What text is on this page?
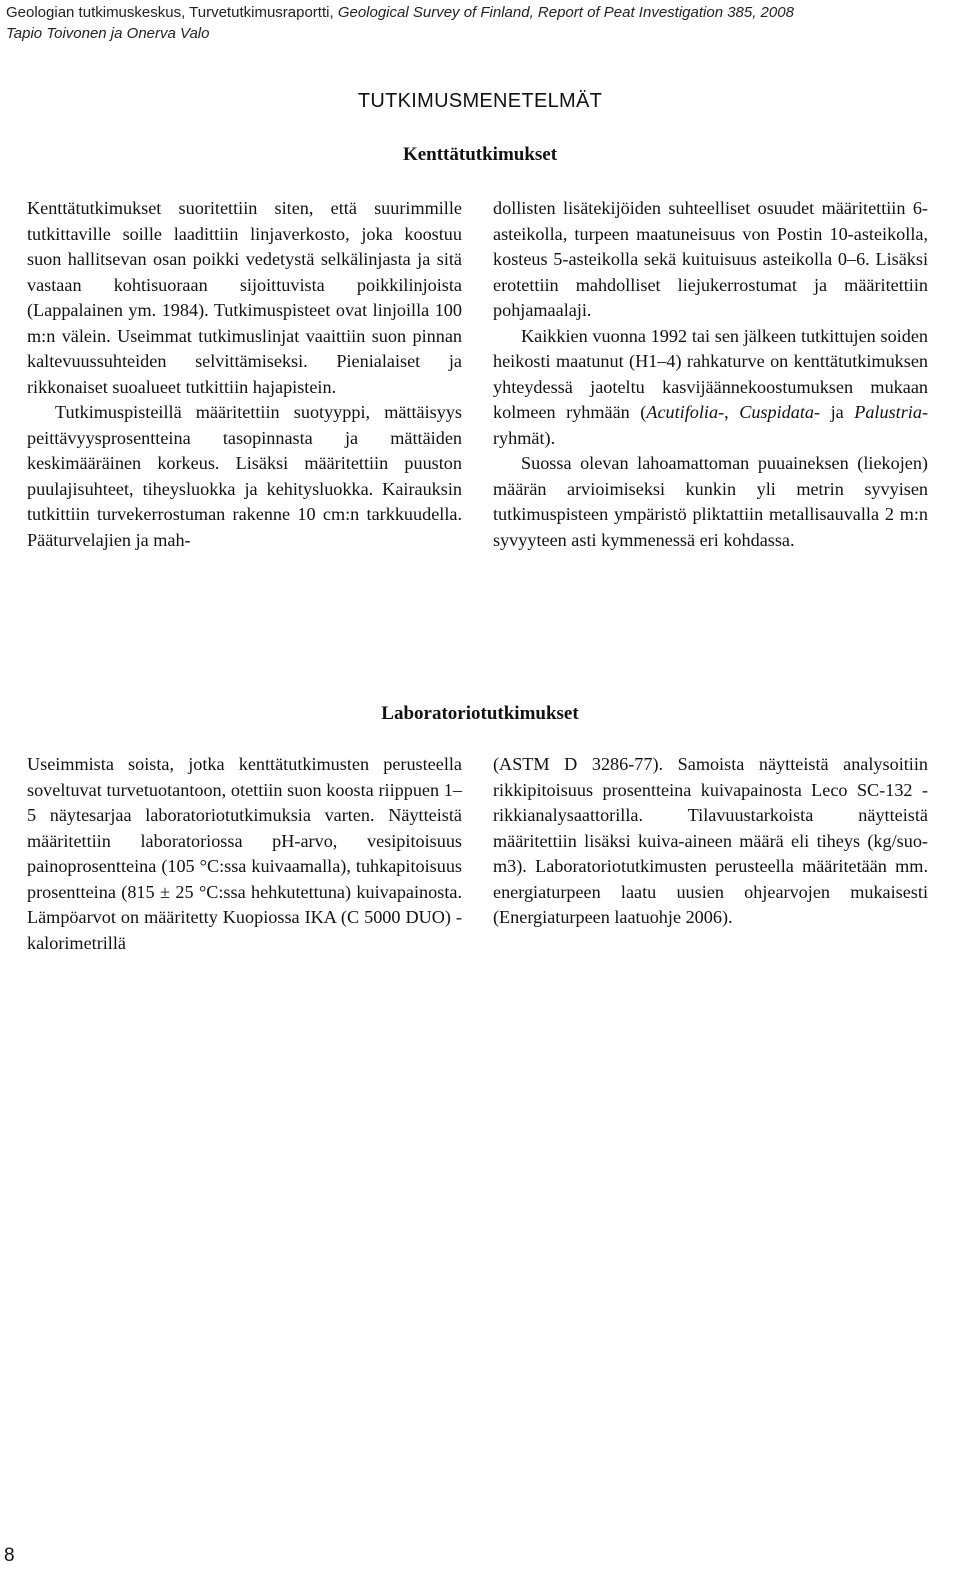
Geologian tutkimuskeskus, Turvetutkimusraportti, Geological Survey of Finland, Report of Peat Investigation 385, 2008
Tapio Toivonen ja Onerva Valo
TUTKIMUSMENETELMÄT
Kenttätutkimukset

Kenttätutkimukset suoritettiin siten, että suurimmille tutkittaville soille laadittiin linjaverkosto, joka koostuu suon hallitsevan osan poikki vedetystä selkälinjasta ja sitä vastaan kohtisuoraan sijoittuvista poikkilinjoista (Lappalainen ym. 1984). Tutkimuspisteet ovat linjoilla 100 m:n välein. Useimmat tutkimuslinjat vaaittiin suon pinnan kaltevuussuhteiden selvittämiseksi. Pienialaiset ja rikkonaiset suoalueet tutkittiin hajapistein.

Tutkimuspisteillä määritettiin suotyyppi, mättäisyys peittävyysprosentteina tasopinnasta ja mättäiden keskimääräinen korkeus. Lisäksi määritettiin puuston puulajisuhteet, tiheysluokka ja kehitysluokka. Kairauksin tutkittiin turvekerrostuman rakenne 10 cm:n tarkkuudella. Pääturvelajien ja mah-

dollisten lisätekijöiden suhteelliset osuudet määritettiin 6-asteikolla, turpeen maatuneisuus von Postin 10-asteikolla, kosteus 5-asteikolla sekä kuituisuus asteikolla 0–6. Lisäksi erotettiin mahdolliset liejukerrostumat ja määritettiin pohjamaalaji.

Kaikkien vuonna 1992 tai sen jälkeen tutkittujen soiden heikosti maatunut (H1–4) rahkaturve on kenttätutkimuksen yhteydessä jaoteltu kasvijäännekoostumuksen mukaan kolmeen ryhmään (Acutifolia-, Cuspidata- ja Palustria-ryhmät).

Suossa olevan lahoamattoman puuaineksen (liekojen) määrän arvioimiseksi kunkin yli metrin syvyisen tutkimuspisteen ympäristö pliktattiin metallisauvalla 2 m:n syvyyteen asti kymmenessä eri kohdassa.

Laboratoriotutkimukset

Useimmista soista, jotka kenttätutkimusten perusteella soveltuvat turvetuotantoon, otettiin suon koosta riippuen 1–5 näytesarjaa laboratoriotutkimuksia varten. Näytteistä määritettiin laboratoriossa pH-arvo, vesipitoisuus painoprosentteina (105 °C:ssa kuivaamalla), tuhkapitoisuus prosentteina (815 ± 25 °C:ssa hehkutettuna) kuivapainosta. Lämpöarvot on määritetty Kuopiossa IKA (C 5000 DUO) -kalorimetrillä

(ASTM D 3286-77). Samoista näytteistä analysoitiin rikkipitoisuus prosentteina kuivapainosta Leco SC-132 -rikkianalysaattorilla. Tilavuustarkoista näytteistä määritettiin lisäksi kuiva-aineen määrä eli tiheys (kg/suo-m3). Laboratoriotutkimusten perusteella määritetään mm. energiaturpeen laatu uusien ohjearvojen mukaisesti (Energiaturpeen laatuohje 2006).

8
